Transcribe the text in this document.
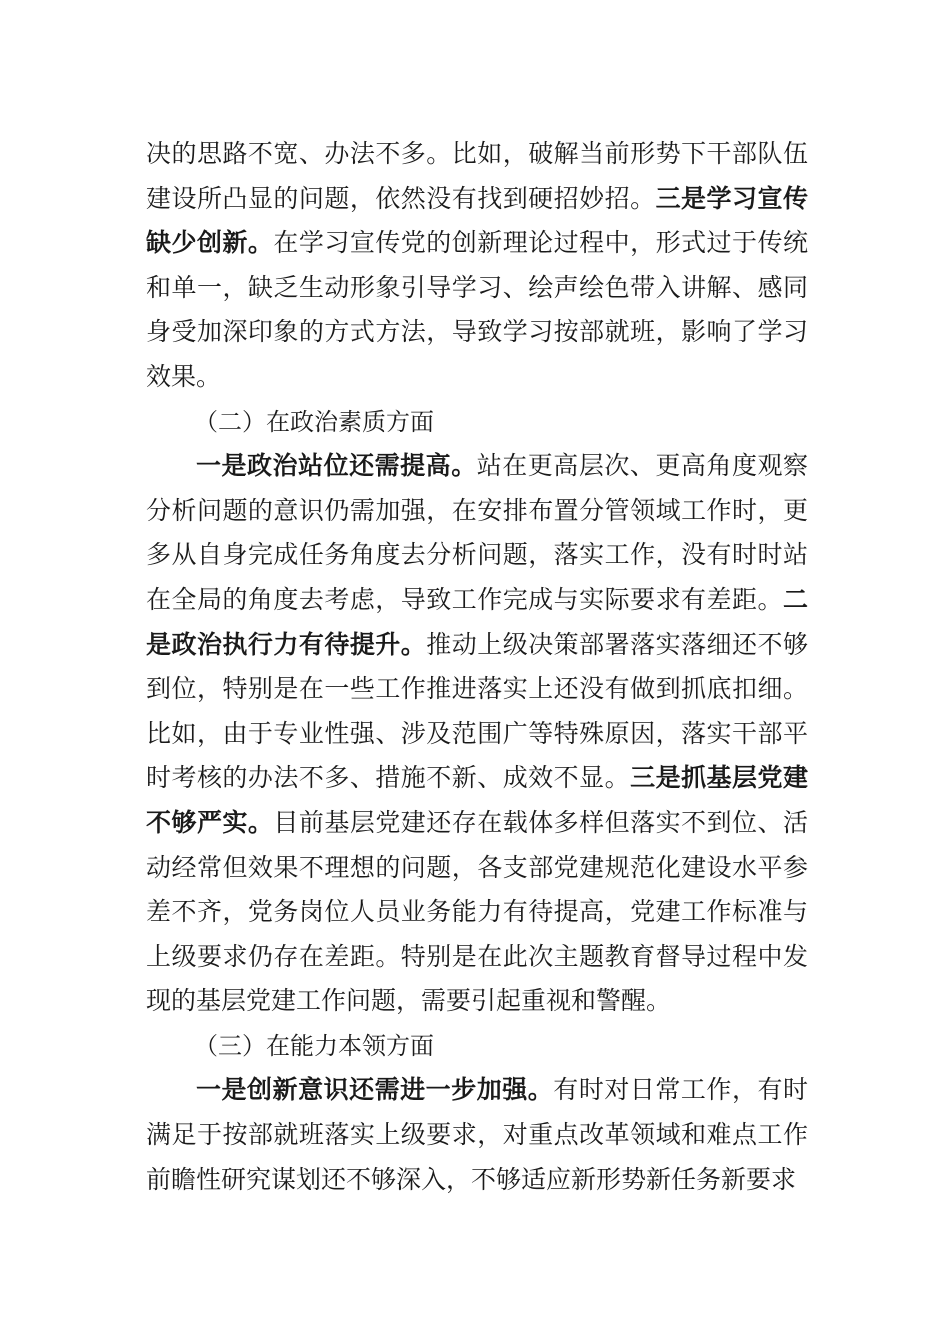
决的思路不宽、办法不多。比如，破解当前形势下干部队伍建设所凸显的问题，依然没有找到硬招妙招。三是学习宣传缺少创新。在学习宣传党的创新理论过程中，形式过于传统和单一，缺乏生动形象引导学习、绘声绘色带入讲解、感同身受加深印象的方式方法，导致学习按部就班，影响了学习效果。

（二）在政治素质方面

一是政治站位还需提高。站在更高层次、更高角度观察分析问题的意识仍需加强，在安排布置分管领域工作时，更多从自身完成任务角度去分析问题，落实工作，没有时时站在全局的角度去考虑，导致工作完成与实际要求有差距。二是政治执行力有待提升。推动上级决策部署落实落细还不够到位，特别是在一些工作推进落实上还没有做到抓底扣细。比如，由于专业性强、涉及范围广等特殊原因，落实干部平时考核的办法不多、措施不新、成效不显。三是抓基层党建不够严实。目前基层党建还存在载体多样但落实不到位、活动经常但效果不理想的问题，各支部党建规范化建设水平参差不齐，党务岗位人员业务能力有待提高，党建工作标准与上级要求仍存在差距。特别是在此次主题教育督导过程中发现的基层党建工作问题，需要引起重视和警醒。

（三）在能力本领方面

一是创新意识还需进一步加强。有时对日常工作，有时满足于按部就班落实上级要求，对重点改革领域和难点工作前瞻性研究谋划还不够深入，不够适应新形势新任务新要求
